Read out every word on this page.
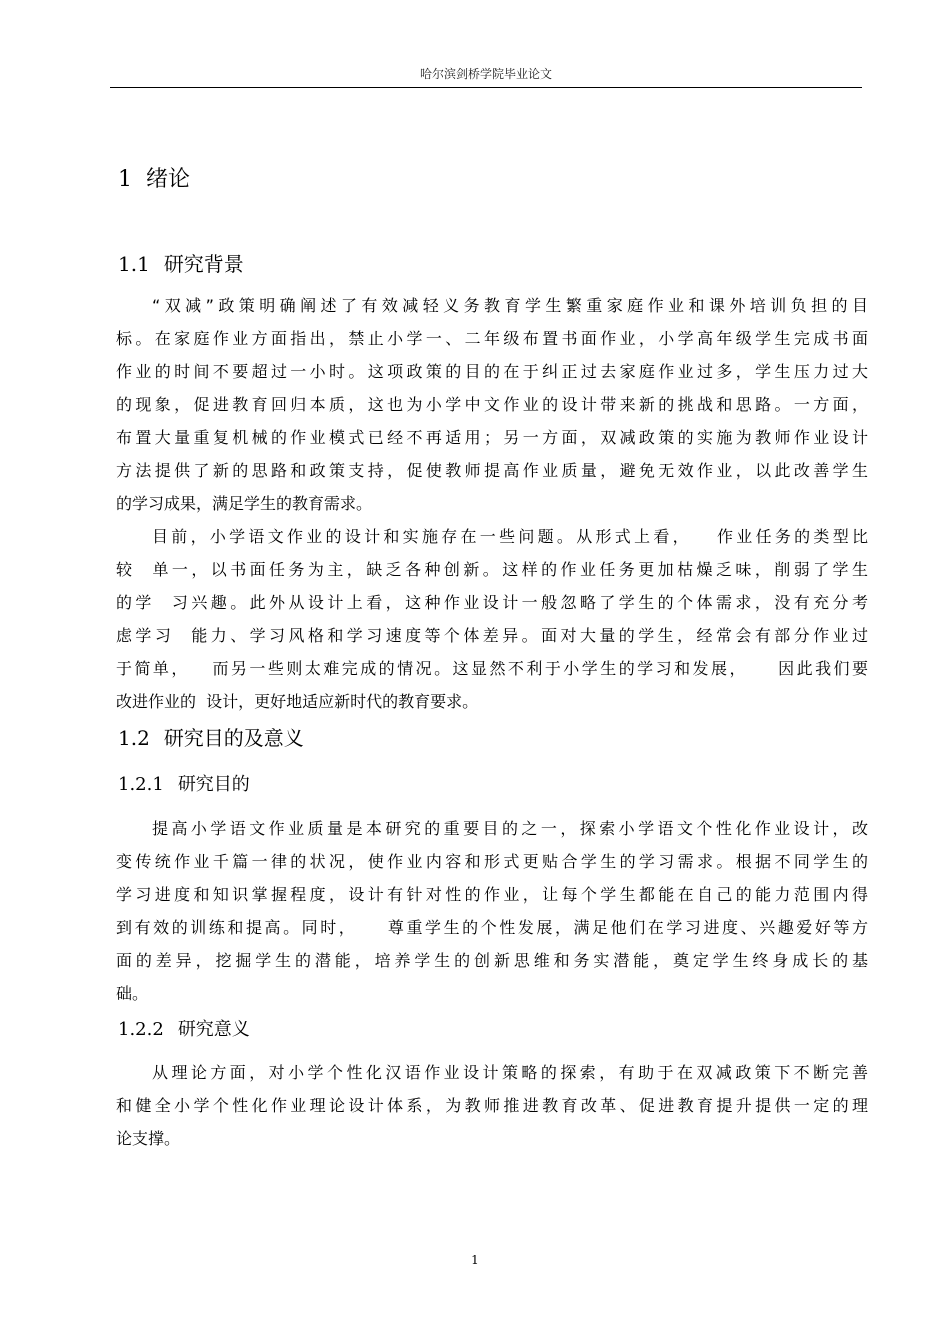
哈尔滨剑桥学院毕业论文
1 绪论
1.1 研究背景
“双减”政策明确阐述了有效减轻义务教育学生繁重家庭作业和课外培训负担的目
标。在家庭作业方面指出，禁止小学一、二年级布置书面作业，小学高年级学生完成书面
作业的时间不要超过一小时。这项政策的目的在于纠正过去家庭作业过多，学生压力过大
的现象，促进教育回归本质，这也为小学中文作业的设计带来新的挑战和思路。一方面，
布置大量重复机械的作业模式已经不再适用；另一方面，双减政策的实施为教师作业设计
方法提供了新的思路和政策支持，促使教师提高作业质量，避免无效作业，以此改善学生
的学习成果，满足学生的教育需求。
目前，小学语文作业的设计和实施存在一些问题。从形式上看，   作业任务的类型比
较  单一，以书面任务为主，缺乏各种创新。这样的作业任务更加枯燥乏味，削弱了学生
的学  习兴趣。此外从设计上看，这种作业设计一般忽略了学生的个体需求，没有充分考
虑学习  能力、学习风格和学习速度等个体差异。面对大量的学生，经常会有部分作业过
于简单，   而另一些则太难完成的情况。这显然不利于小学生的学习和发展，    因此我们要
改进作业的  设计，更好地适应新时代的教育要求。
1.2 研究目的及意义
1.2.1 研究目的
提高小学语文作业质量是本研究的重要目的之一，探索小学语文个性化作业设计，改
变传统作业千篇一律的状况，使作业内容和形式更贴合学生的学习需求。根据不同学生的
学习进度和知识掌握程度，设计有针对性的作业，让每个学生都能在自己的能力范围内得
到有效的训练和提高。同时，    尊重学生的个性发展，满足他们在学习进度、兴趣爱好等方
面的差异，挖掘学生的潜能，培养学生的创新思维和务实潜能，奠定学生终身成长的基
础。
1.2.2 研究意义
从理论方面，对小学个性化汉语作业设计策略的探索，有助于在双减政策下不断完善
和健全小学个性化作业理论设计体系，为教师推进教育改革、促进教育提升提供一定的理
论支撑。
1
